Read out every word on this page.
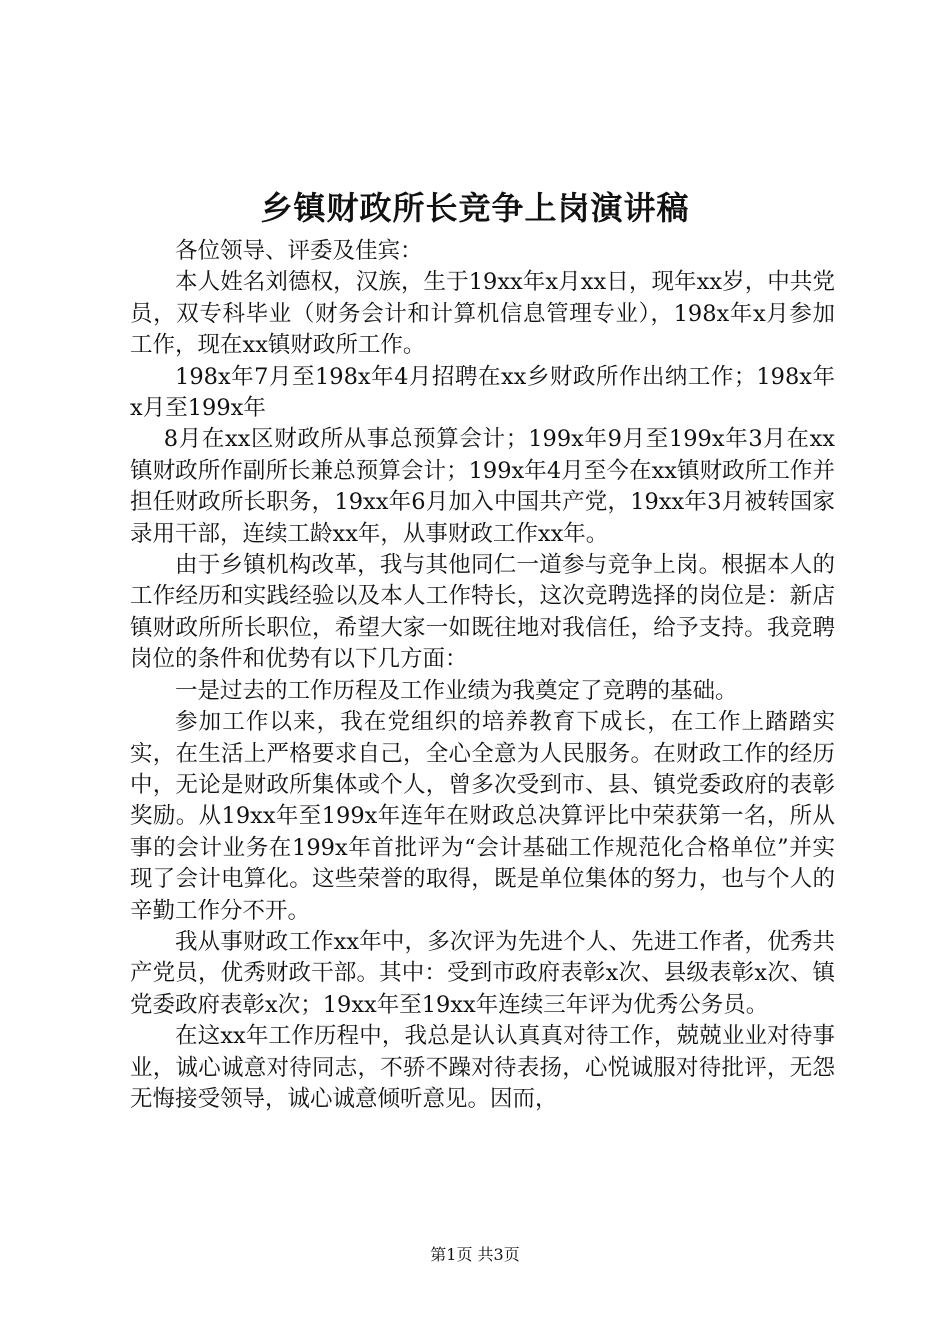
乡镇财政所长竞争上岗演讲稿

各位领导、评委及佳宾：

本人姓名刘德权，汉族，生于19xx年x月xx日，现年xx岁，中共党员，双专科毕业（财务会计和计算机信息管理专业），198x年x月参加工作，现在xx镇财政所工作。

198x年7月至198x年4月招聘在xx乡财政所作出纳工作；198x年x月至199x年

8月在xx区财政所从事总预算会计；199x年9月至199x年3月在xx镇财政所作副所长兼总预算会计；199x年4月至今在xx镇财政所工作并担任财政所长职务，19xx年6月加入中国共产党，19xx年3月被转国家录用干部，连续工龄xx年，从事财政工作xx年。

由于乡镇机构改革，我与其他同仁一道参与竞争上岗。根据本人的工作经历和实践经验以及本人工作特长，这次竞聘选择的岗位是：新店镇财政所所长职位，希望大家一如既往地对我信任，给予支持。我竞聘岗位的条件和优势有以下几方面：

一是过去的工作历程及工作业绩为我奠定了竞聘的基础。

参加工作以来，我在党组织的培养教育下成长，在工作上踏踏实实，在生活上严格要求自己，全心全意为人民服务。在财政工作的经历中，无论是财政所集体或个人，曾多次受到市、县、镇党委政府的表彰奖励。从19xx年至199x年连年在财政总决算评比中荣获第一名，所从事的会计业务在199x年首批评为“会计基础工作规范化合格单位”并实现了会计电算化。这些荣誉的取得，既是单位集体的努力，也与个人的辛勤工作分不开。

我从事财政工作xx年中，多次评为先进个人、先进工作者，优秀共产党员，优秀财政干部。其中：受到市政府表彰x次、县级表彰x次、镇党委政府表彰x次；19xx年至19xx年连续三年评为优秀公务员。

在这xx年工作历程中，我总是认认真真对待工作，兢兢业业对待事业，诚心诚意对待同志，不骄不躁对待表扬，心悦诚服对待批评，无怨无悔接受领导，诚心诚意倾听意见。因而，

第1页 共3页
